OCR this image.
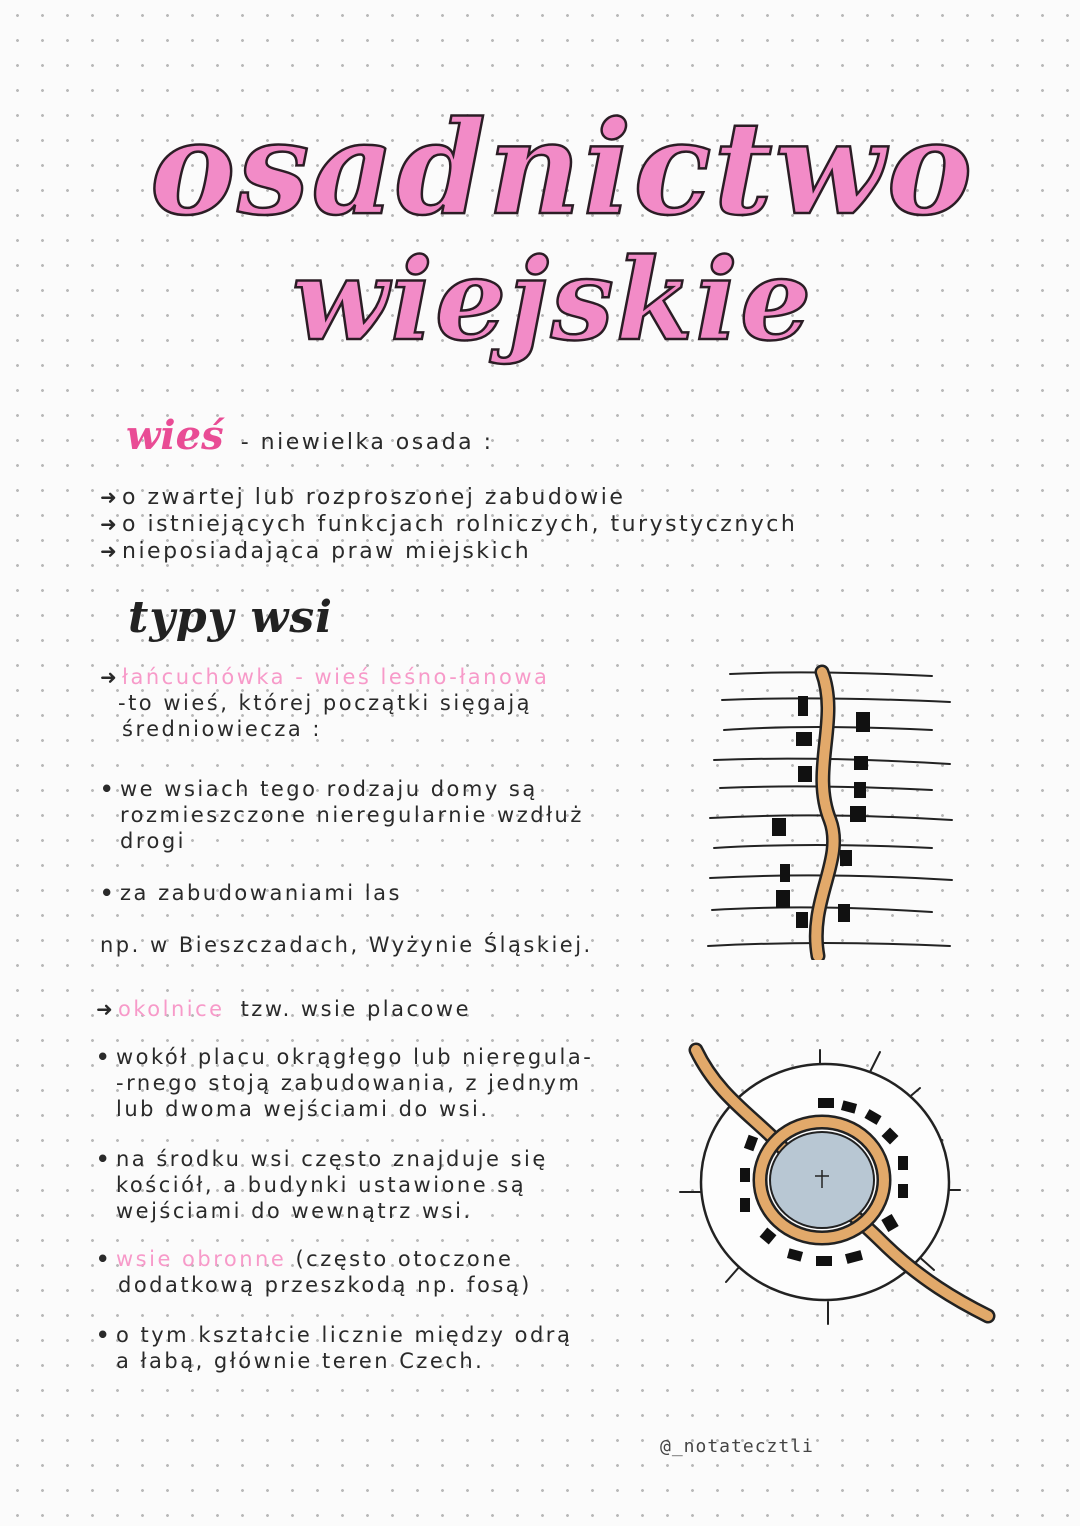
osadnictwo
wiejskie
wieś - niewielka osada :
➜ o zwartej lub rozproszonej zabudowie
➜ o istniejących funkcjach rolniczych, turystycznych
➜ nieposiadająca praw miejskich
typy wsi
➜ łańcuchówka - wieś leśno-łanowa
-to wieś, której początki sięgają
średniowiecza :
• we wsiach tego rodzaju domy są
rozmieszczone nieregularnie wzdłuż
drogi
• za zabudowaniami las
np. w Bieszczadach, Wyżynie Śląskiej.
➜ okolnice tzw. wsie placowe
• wokół placu okrągłego lub nieregula-
-rnego stoją zabudowania, z jednym
lub dwoma wejściami do wsi.
• na środku wsi często znajduje się
kościół, a budynki ustawione są
wejściami do wewnątrz wsi.
• wsie obronne (często otoczone
dodatkową przeszkodą np. fosą)
• o tym kształcie licznie między odrą
a łabą, głównie teren Czech.
@_notatecztli
